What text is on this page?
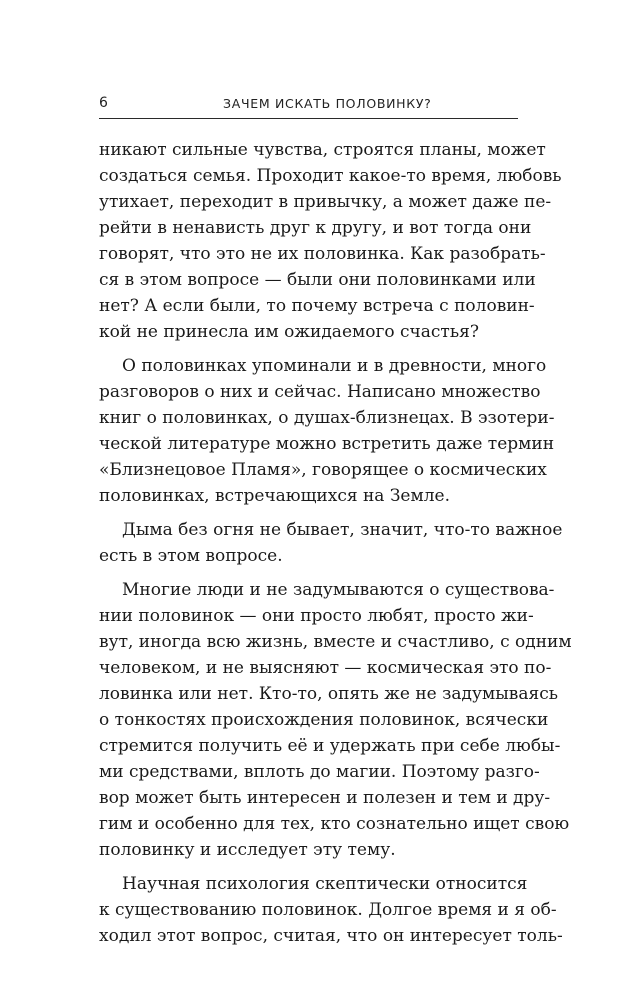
6	ЗАЧЕМ ИСКАТЬ ПОЛОВИНКУ?
никают сильные чувства, строятся планы, может
создаться семья. Проходит какое-то время, любовь
утихает, переходит в привычку, а может даже пе-
рейти в ненависть друг к другу, и вот тогда они
говорят, что это не их половинка. Как разобрать-
ся в этом вопросе — были они половинками или
нет? А если были, то почему встреча с половин-
кой не принесла им ожидаемого счастья?
О половинках упоминали и в древности, много
разговоров о них и сейчас. Написано множество
книг о половинках, о душах-близнецах. В эзотери-
ческой литературе можно встретить даже термин
«Близнецовое Пламя», говорящее о космических
половинках, встречающихся на Земле.
Дыма без огня не бывает, значит, что-то важное
есть в этом вопросе.
Многие люди и не задумываются о существова-
нии половинок — они просто любят, просто жи-
вут, иногда всю жизнь, вместе и счастливо, с одним
человеком, и не выясняют — космическая это по-
ловинка или нет. Кто-то, опять же не задумываясь
о тонкостях происхождения половинок, всячески
стремится получить её и удержать при себе любы-
ми средствами, вплоть до магии. Поэтому разго-
вор может быть интересен и полезен и тем и дру-
гим и особенно для тех, кто сознательно ищет свою
половинку и исследует эту тему.
Научная психология скептически относится
к существованию половинок. Долгое время и я об-
ходил этот вопрос, считая, что он интересует толь-
